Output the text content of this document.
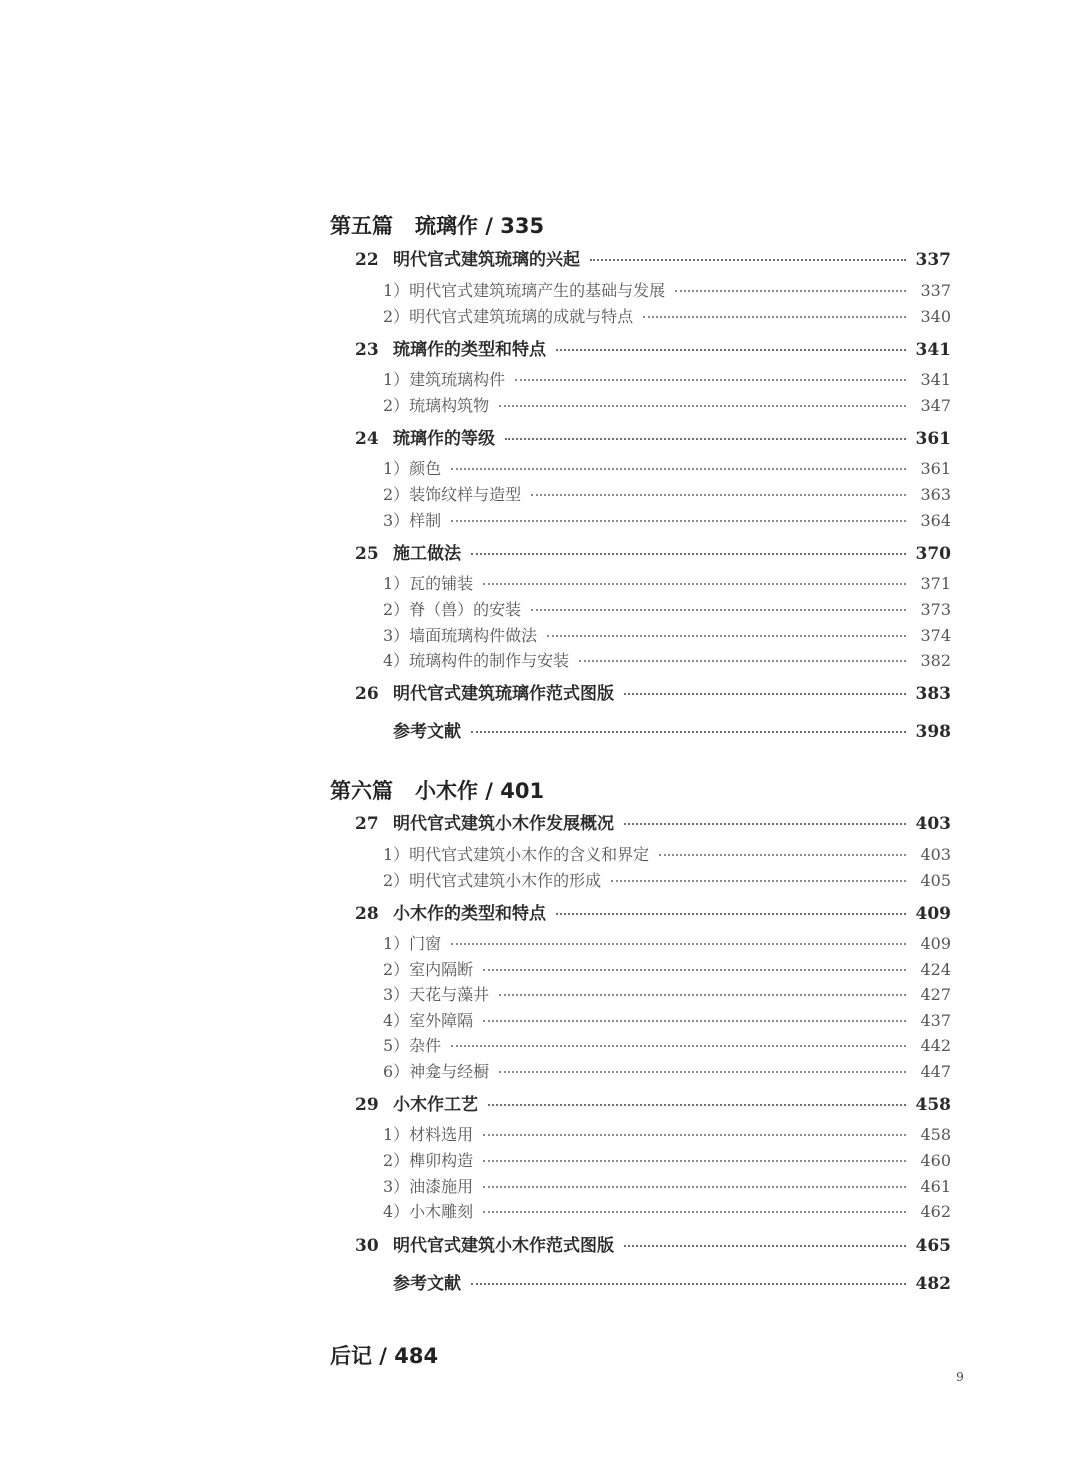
第五篇 琉璃作 / 335
22 明代官式建筑琉璃的兴起	337
1）明代官式建筑琉璃产生的基础与发展	337
2）明代官式建筑琉璃的成就与特点	340
23 琉璃作的类型和特点	341
1）建筑琉璃构件	341
2）琉璃构筑物	347
24 琉璃作的等级	361
1）颜色	361
2）装饰纹样与造型	363
3）样制	364
25 施工做法	370
1）瓦的铺装	371
2）脊（兽）的安装	373
3）墙面琉璃构件做法	374
4）琉璃构件的制作与安装	382
26 明代官式建筑琉璃作范式图版	383
参考文献	398
第六篇 小木作 / 401
27 明代官式建筑小木作发展概况	403
1）明代官式建筑小木作的含义和界定	403
2）明代官式建筑小木作的形成	405
28 小木作的类型和特点	409
1）门窗	409
2）室内隔断	424
3）天花与藻井	427
4）室外障隔	437
5）杂件	442
6）神龛与经橱	447
29 小木作工艺	458
1）材料选用	458
2）榫卯构造	460
3）油漆施用	461
4）小木雕刻	462
30 明代官式建筑小木作范式图版	465
参考文献	482
后记 / 484
9
